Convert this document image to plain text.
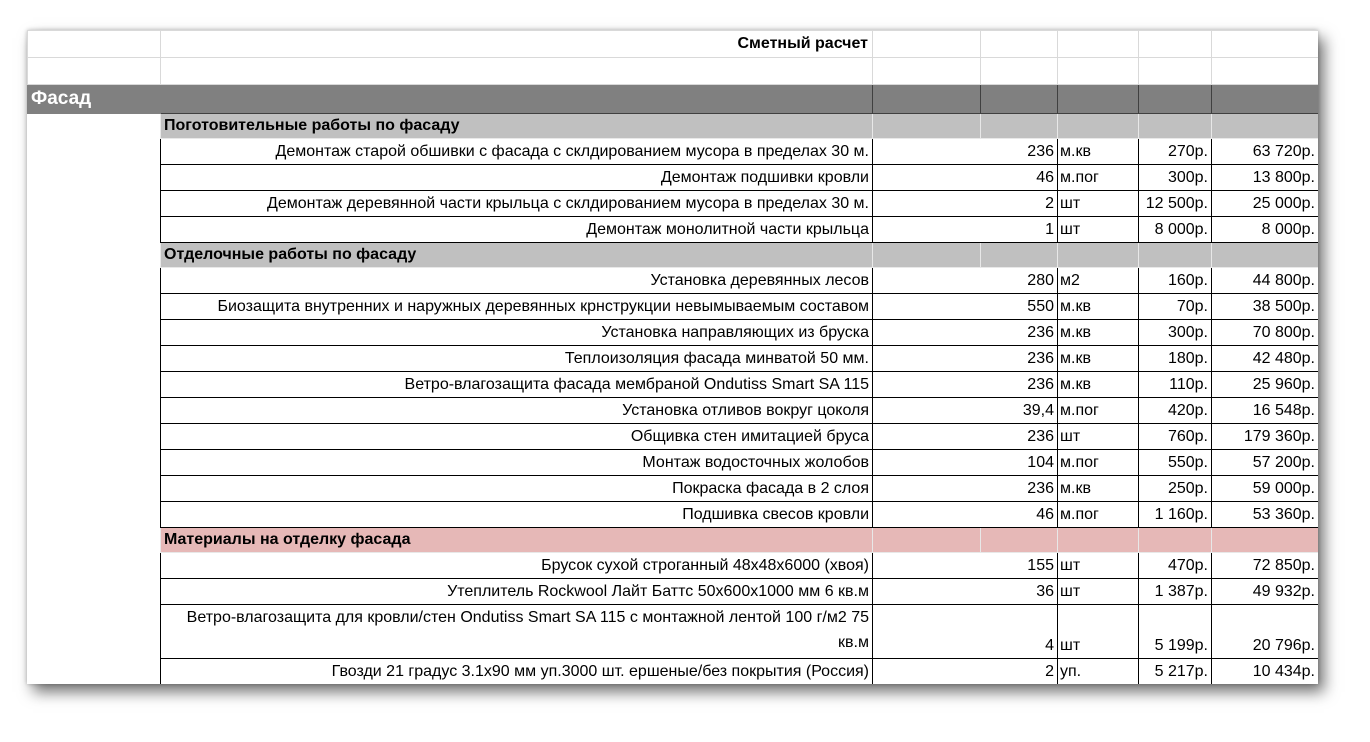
	Сметный расчет					

Фасад						
	Поготовительные работы по фасаду					
	Демонтаж старой обшивки с фасада с склдированием мусора в пределах 30 м.	236		м.кв	270р.	63 720р.
	Демонтаж подшивки кровли	46		м.пог	300р.	13 800р.
	Демонтаж деревянной части крыльца с склдированием мусора в пределах 30 м.	2		шт	12 500р.	25 000р.
	Демонтаж монолитной части крыльца	1		шт	8 000р.	8 000р.
	Отделочные работы по фасаду					
	Установка деревянных лесов	280		м2	160р.	44 800р.
	Биозащита внутренних и наружных деревянных крнструкции невымываемым составом	550		м.кв	70р.	38 500р.
	Установка направляющих из бруска	236		м.кв	300р.	70 800р.
	Теплоизоляция фасада минватой 50 мм.	236		м.кв	180р.	42 480р.
	Ветро-влагозащита фасада мембраной Ondutiss Smart SA 115	236		м.кв	110р.	25 960р.
	Установка отливов вокруг цоколя	39,4		м.пог	420р.	16 548р.
	Общивка стен имитацией бруса	236		шт	760р.	179 360р.
	Монтаж водосточных жолобов	104		м.пог	550р.	57 200р.
	Покраска фасада в 2 слоя	236		м.кв	250р.	59 000р.
	Подшивка свесов кровли	46		м.пог	1 160р.	53 360р.
	Материалы на отделку фасада					
	Брусок сухой строганный 48х48х6000 (хвоя)	155		шт	470р.	72 850р.
	Утеплитель Rockwool Лайт Баттс 50х600х1000 мм 6 кв.м	36		шт	1 387р.	49 932р.
	Ветро-влагозащита для кровли/стен Ondutiss Smart SA 115 с монтажной лентой 100 г/м2 75 кв.м	4		шт	5 199р.	20 796р.
	Гвозди 21 градус 3.1х90 мм уп.3000 шт. ершеные/без покрытия (Россия)	2		уп.	5 217р.	10 434р.
